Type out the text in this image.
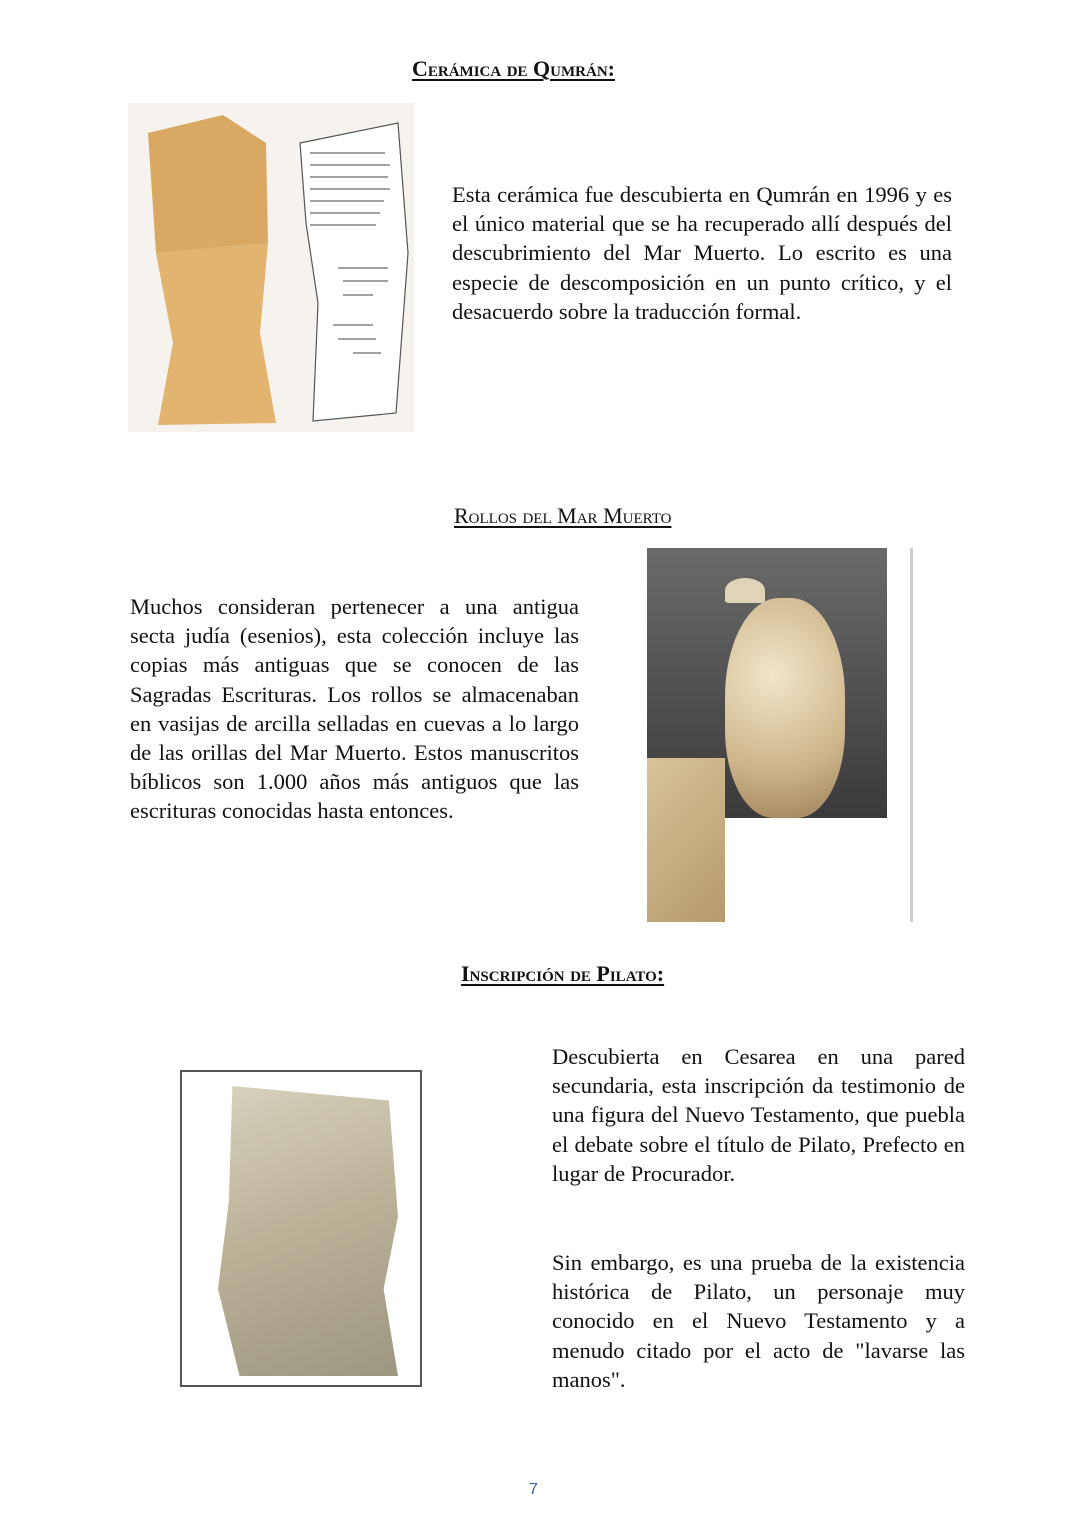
Cerámica de Qumrán:

Esta cerámica fue descubierta en Qumrán en 1996 y es el único material que se ha recuperado allí después del descubrimiento del Mar Muerto. Lo escrito es una especie de descomposición en un punto crítico, y el desacuerdo sobre la traducción formal.

Rollos del Mar Muerto

Muchos consideran pertenecer a una antigua secta judía (esenios), esta colección incluye las copias más antiguas que se conocen de las Sagradas Escrituras. Los rollos se almacenaban en vasijas de arcilla selladas en cuevas a lo largo de las orillas del Mar Muerto. Estos manuscritos bíblicos son 1.000 años más antiguos que las escrituras conocidas hasta entonces.

Inscripción de Pilato:

Descubierta en Cesarea en una pared secundaria, esta inscripción da testimonio de una figura del Nuevo Testamento, que puebla el debate sobre el título de Pilato, Prefecto en lugar de Procurador.

Sin embargo, es una prueba de la existencia histórica de Pilato, un personaje muy conocido en el Nuevo Testamento y a menudo citado por el acto de "lavarse las manos".

7
